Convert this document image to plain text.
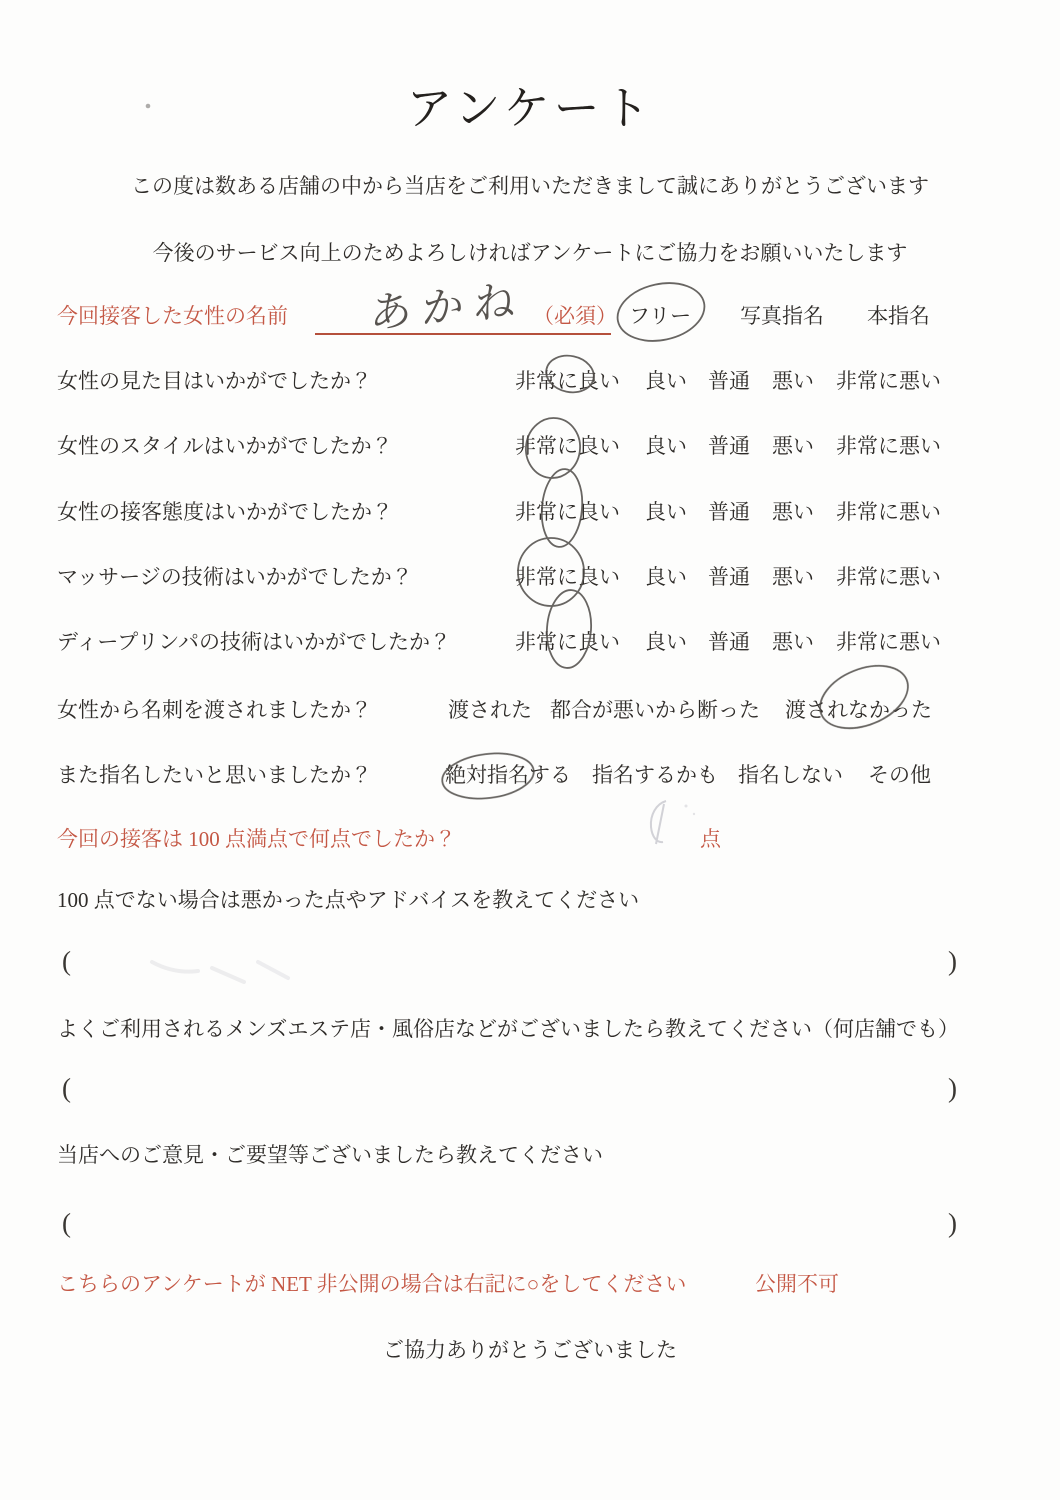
アンケート
この度は数ある店舗の中から当店をご利用いただきまして誠にありがとうございます
今後のサービス向上のためよろしければアンケートにご協力をお願いいたします
今回接客した女性の名前 あかね （必須） フリー 写真指名 本指名
女性の見た目はいかがでしたか？	非常に良い 良い 普通 悪い 非常に悪い
女性のスタイルはいかがでしたか？	非常に良い 良い 普通 悪い 非常に悪い
女性の接客態度はいかがでしたか？	非常に良い 良い 普通 悪い 非常に悪い
マッサージの技術はいかがでしたか？	非常に良い 良い 普通 悪い 非常に悪い
ディープリンパの技術はいかがでしたか？	非常に良い 良い 普通 悪い 非常に悪い
女性から名刺を渡されましたか？	渡された 都合が悪いから断った 渡されなかった
また指名したいと思いましたか？	絶対指名する 指名するかも 指名しない その他
今回の接客は 100 点満点で何点でしたか？	点
100 点でない場合は悪かった点やアドバイスを教えてください
(	)
よくご利用されるメンズエステ店・風俗店などがございましたら教えてください（何店舗でも）
(	)
当店へのご意見・ご要望等ございましたら教えてください
(	)
こちらのアンケートが NET 非公開の場合は右記に○をしてください	公開不可
ご協力ありがとうございました
